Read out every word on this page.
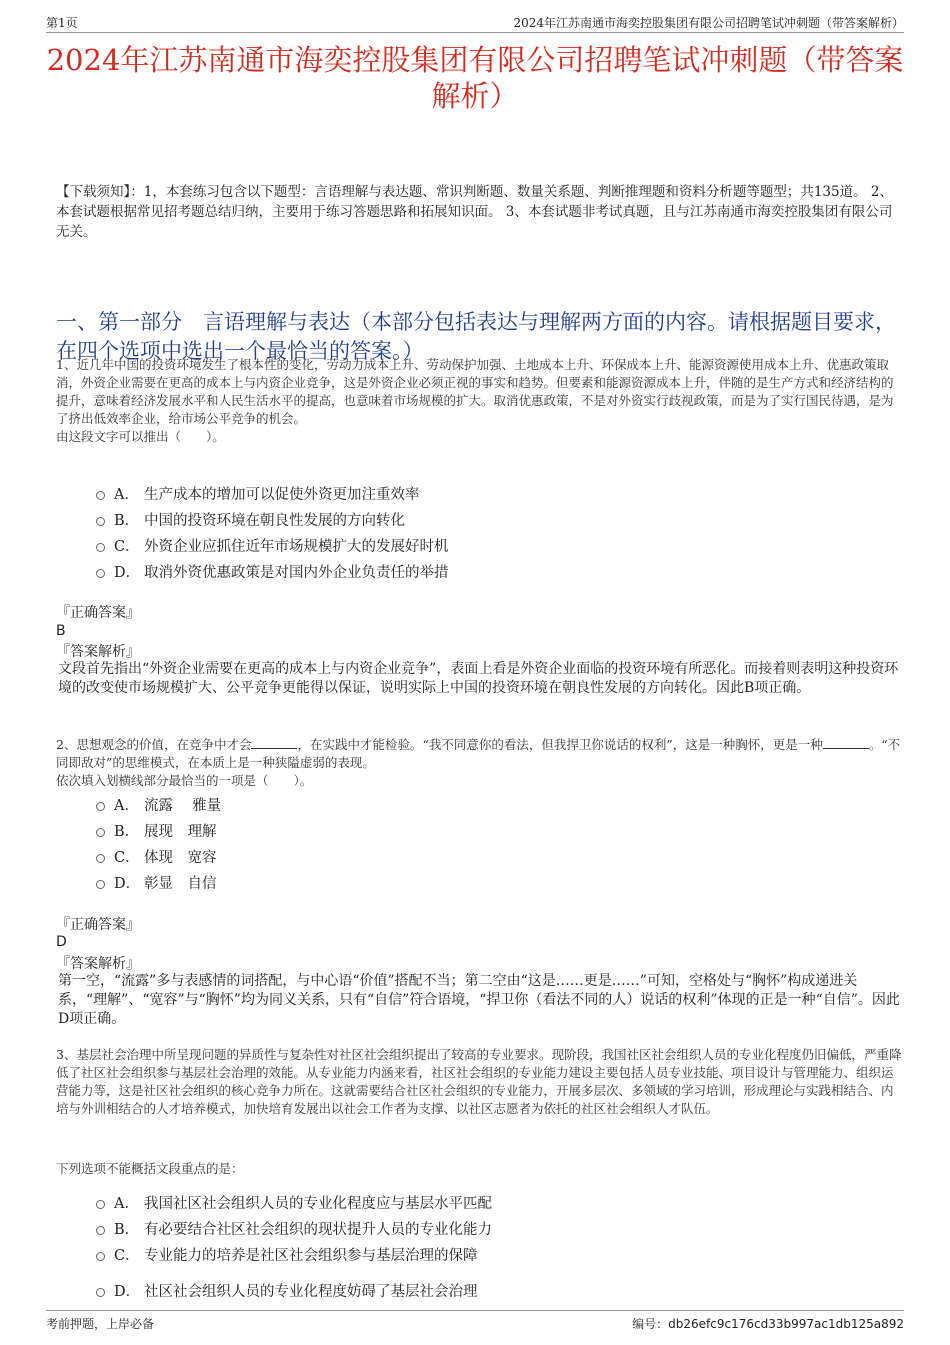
第1页	2024年江苏南通市海奕控股集团有限公司招聘笔试冲刺题（带答案解析）
2024年江苏南通市海奕控股集团有限公司招聘笔试冲刺题（带答案解析）
【下载须知】：1，本套练习包含以下题型：言语理解与表达题、常识判断题、数量关系题、判断推理题和资料分析题等题型；共135道。 2、本套试题根据常见招考题总结归纳，主要用于练习答题思路和拓展知识面。 3、本套试题非考试真题，且与江苏南通市海奕控股集团有限公司无关。
一、第一部分　言语理解与表达（本部分包括表达与理解两方面的内容。请根据题目要求，在四个选项中选出一个最恰当的答案。）
1、近几年中国的投资环境发生了根本性的变化，劳动力成本上升、劳动保护加强、土地成本上升、环保成本上升、能源资源使用成本上升、优惠政策取消，外资企业需要在更高的成本上与内资企业竞争，这是外资企业必须正视的事实和趋势。但要素和能源资源成本上升，伴随的是生产方式和经济结构的提升，意味着经济发展水平和人民生活水平的提高，也意味着市场规模的扩大。取消优惠政策，不是对外资实行歧视政策，而是为了实行国民待遇，是为了挤出低效率企业，给市场公平竞争的机会。
由这段文字可以推出（　　）。
A． 生产成本的增加可以促使外资更加注重效率
B． 中国的投资环境在朝良性发展的方向转化
C． 外资企业应抓住近年市场规模扩大的发展好时机
D． 取消外资优惠政策是对国内外企业负责任的举措
『正确答案』
B
『答案解析』
文段首先指出“外资企业需要在更高的成本上与内资企业竞争”，表面上看是外资企业面临的投资环境有所恶化。而接着则表明这种投资环境的改变使市场规模扩大、公平竞争更能得以保证，说明实际上中国的投资环境在朝良性发展的方向转化。因此B项正确。
2、思想观念的价值，在竞争中才会	，在实践中才能检验。“我不同意你的看法，但我捍卫你说话的权利”，这是一种胸怀，更是一种	。“不同即敌对”的思维模式，在本质上是一种狭隘虚弱的表现。
依次填入划横线部分最恰当的一项是（　　）。
A． 流露　 雅量
B． 展现　理解
C． 体现　宽容
D． 彰显　自信
『正确答案』
D
『答案解析』
第一空，“流露”多与表感情的词搭配，与中心语“价值”搭配不当；第二空由“这是……更是……”可知，空格处与“胸怀”构成递进关系，“理解”、“宽容”与“胸怀”均为同义关系，只有“自信”符合语境，“捍卫你（看法不同的人）说话的权利”体现的正是一种“自信”。因此D项正确。
3、基层社会治理中所呈现问题的异质性与复杂性对社区社会组织提出了较高的专业要求。现阶段，我国社区社会组织人员的专业化程度仍旧偏低，严重降低了社区社会组织参与基层社会治理的效能。从专业能力内涵来看，社区社会组织的专业能力建设主要包括人员专业技能、项目设计与管理能力、组织运营能力等，这是社区社会组织的核心竞争力所在。这就需要结合社区社会组织的专业能力，开展多层次、多领域的学习培训，形成理论与实践相结合、内培与外训相结合的人才培养模式，加快培育发展出以社会工作者为支撑、以社区志愿者为依托的社区社会组织人才队伍。
下列选项不能概括文段重点的是：
A． 我国社区社会组织人员的专业化程度应与基层水平匹配
B． 有必要结合社区社会组织的现状提升人员的专业化能力
C． 专业能力的培养是社区社会组织参与基层治理的保障
D． 社区社会组织人员的专业化程度妨碍了基层社会治理
考前押题，上岸必备	编号：db26efc9c176cd33b997ac1db125a892
